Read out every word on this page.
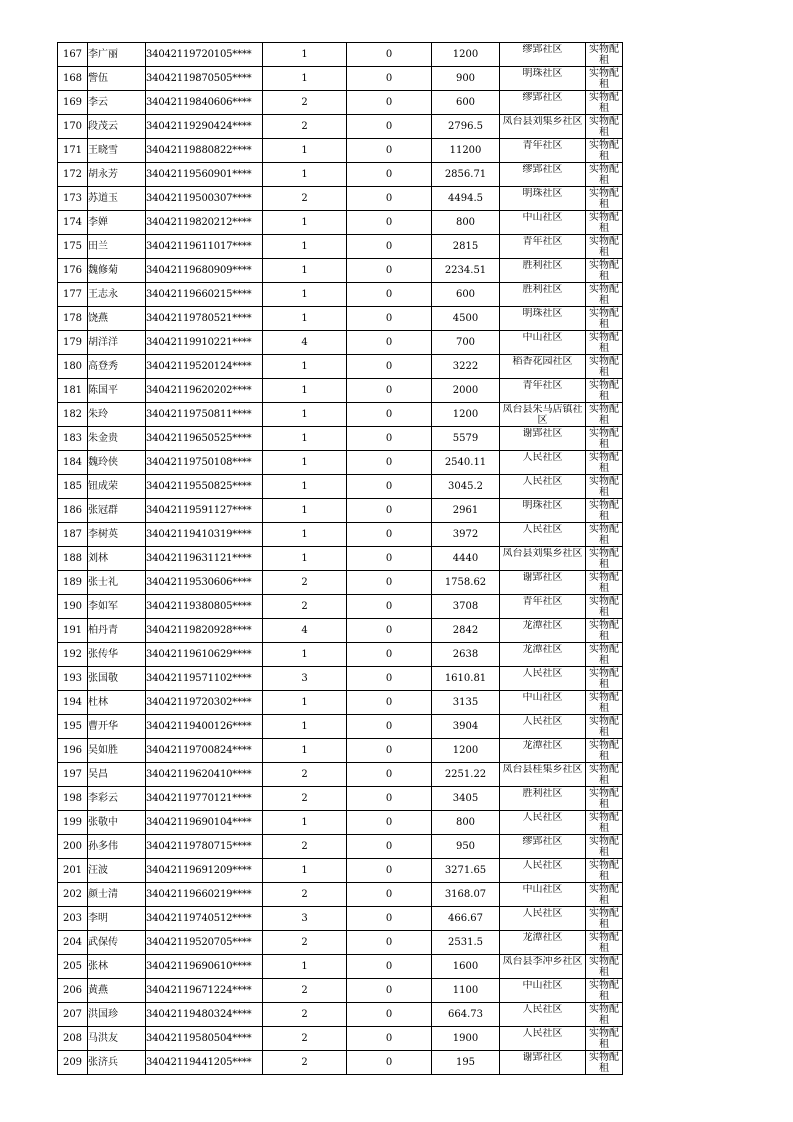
167	李广丽	34042119720105****	1	0	1200	缪郢社区	实物配租
168	訾伍	34042119870505****	1	0	900	明珠社区	实物配租
169	李云	34042119840606****	2	0	600	缪郢社区	实物配租
170	段茂云	34042119290424****	2	0	2796.5	凤台县刘集乡社区	实物配租
171	王晓雪	34042119880822****	1	0	11200	青年社区	实物配租
172	胡永芳	34042119560901****	1	0	2856.71	缪郢社区	实物配租
173	苏道玉	34042119500307****	2	0	4494.5	明珠社区	实物配租
174	李婵	34042119820212****	1	0	800	中山社区	实物配租
175	田兰	34042119611017****	1	0	2815	青年社区	实物配租
176	魏修菊	34042119680909****	1	0	2234.51	胜利社区	实物配租
177	王志永	34042119660215****	1	0	600	胜利社区	实物配租
178	饶燕	34042119780521****	1	0	4500	明珠社区	实物配租
179	胡洋洋	34042119910221****	4	0	700	中山社区	实物配租
180	高登秀	34042119520124****	1	0	3222	稻香花园社区	实物配租
181	陈国平	34042119620202****	1	0	2000	青年社区	实物配租
182	朱玲	34042119750811****	1	0	1200	凤台县朱马店镇社区	实物配租
183	朱金贵	34042119650525****	1	0	5579	谢郢社区	实物配租
184	魏玲侠	34042119750108****	1	0	2540.11	人民社区	实物配租
185	钮成荣	34042119550825****	1	0	3045.2	人民社区	实物配租
186	张冠群	34042119591127****	1	0	2961	明珠社区	实物配租
187	李树英	34042119410319****	1	0	3972	人民社区	实物配租
188	刘林	34042119631121****	1	0	4440	凤台县刘集乡社区	实物配租
189	张士礼	34042119530606****	2	0	1758.62	谢郢社区	实物配租
190	李如军	34042119380805****	2	0	3708	青年社区	实物配租
191	柏丹青	34042119820928****	4	0	2842	龙潭社区	实物配租
192	张传华	34042119610629****	1	0	2638	龙潭社区	实物配租
193	张国敬	34042119571102****	3	0	1610.81	人民社区	实物配租
194	杜林	34042119720302****	1	0	3135	中山社区	实物配租
195	曹开华	34042119400126****	1	0	3904	人民社区	实物配租
196	吴如胜	34042119700824****	1	0	1200	龙潭社区	实物配租
197	吴昌	34042119620410****	2	0	2251.22	凤台县桂集乡社区	实物配租
198	李彩云	34042119770121****	2	0	3405	胜利社区	实物配租
199	张敬中	34042119690104****	1	0	800	人民社区	实物配租
200	孙多伟	34042119780715****	2	0	950	缪郢社区	实物配租
201	汪波	34042119691209****	1	0	3271.65	人民社区	实物配租
202	颜士清	34042119660219****	2	0	3168.07	中山社区	实物配租
203	李明	34042119740512****	3	0	466.67	人民社区	实物配租
204	武保传	34042119520705****	2	0	2531.5	龙潭社区	实物配租
205	张林	34042119690610****	1	0	1600	凤台县李冲乡社区	实物配租
206	黄燕	34042119671224****	2	0	1100	中山社区	实物配租
207	洪国珍	34042119480324****	2	0	664.73	人民社区	实物配租
208	马洪友	34042119580504****	2	0	1900	人民社区	实物配租
209	张济兵	34042119441205****	2	0	195	谢郢社区	实物配租
